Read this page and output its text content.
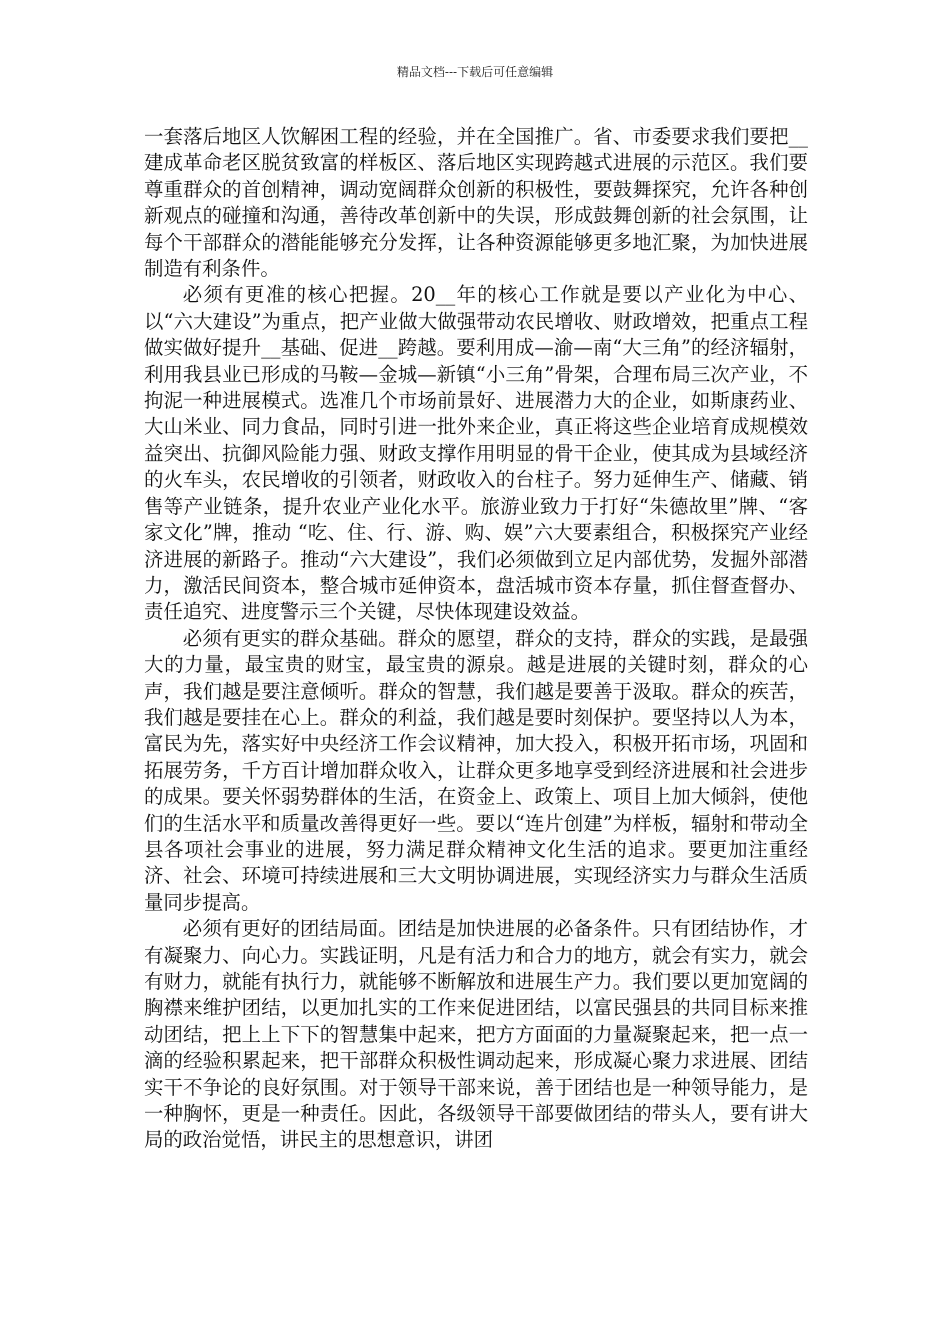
精品文档---下载后可任意编辑

一套落后地区人饮解困工程的经验，并在全国推广。省、市委要求我们要把__建成革命老区脱贫致富的样板区、落后地区实现跨越式进展的示范区。我们要尊重群众的首创精神，调动宽阔群众创新的积极性，要鼓舞探究，允许各种创新观点的碰撞和沟通，善待改革创新中的失误，形成鼓舞创新的社会氛围，让每个干部群众的潜能能够充分发挥，让各种资源能够更多地汇聚，为加快进展制造有利条件。

必须有更准的核心把握。20__年的核心工作就是要以产业化为中心、以“六大建设”为重点，把产业做大做强带动农民增收、财政增效，把重点工程做实做好提升__基础、促进__跨越。要利用成—渝—南“大三角”的经济辐射，利用我县业已形成的马鞍—金城—新镇“小三角”骨架，合理布局三次产业，不拘泥一种进展模式。选准几个市场前景好、进展潜力大的企业，如斯康药业、大山米业、同力食品，同时引进一批外来企业，真正将这些企业培育成规模效益突出、抗御风险能力强、财政支撑作用明显的骨干企业，使其成为县域经济的火车头，农民增收的引领者，财政收入的台柱子。努力延伸生产、储藏、销售等产业链条，提升农业产业化水平。旅游业致力于打好“朱德故里”牌、“客家文化”牌，推动 “吃、住、行、游、购、娱”六大要素组合，积极探究产业经济进展的新路子。推动“六大建设”，我们必须做到立足内部优势，发掘外部潜力，激活民间资本，整合城市延伸资本，盘活城市资本存量，抓住督查督办、责任追究、进度警示三个关键，尽快体现建设效益。

必须有更实的群众基础。群众的愿望，群众的支持，群众的实践，是最强大的力量，最宝贵的财宝，最宝贵的源泉。越是进展的关键时刻，群众的心声，我们越是要注意倾听。群众的智慧，我们越是要善于汲取。群众的疾苦，我们越是要挂在心上。群众的利益，我们越是要时刻保护。要坚持以人为本，富民为先，落实好中央经济工作会议精神，加大投入，积极开拓市场，巩固和拓展劳务，千方百计增加群众收入，让群众更多地享受到经济进展和社会进步的成果。要关怀弱势群体的生活，在资金上、政策上、项目上加大倾斜，使他们的生活水平和质量改善得更好一些。要以“连片创建”为样板，辐射和带动全县各项社会事业的进展，努力满足群众精神文化生活的追求。要更加注重经济、社会、环境可持续进展和三大文明协调进展，实现经济实力与群众生活质量同步提高。

必须有更好的团结局面。团结是加快进展的必备条件。只有团结协作，才有凝聚力、向心力。实践证明，凡是有活力和合力的地方，就会有实力，就会有财力，就能有执行力，就能够不断解放和进展生产力。我们要以更加宽阔的胸襟来维护团结，以更加扎实的工作来促进团结，以富民强县的共同目标来推动团结，把上上下下的智慧集中起来，把方方面面的力量凝聚起来，把一点一滴的经验积累起来，把干部群众积极性调动起来，形成凝心聚力求进展、团结实干不争论的良好氛围。对于领导干部来说，善于团结也是一种领导能力，是一种胸怀，更是一种责任。因此，各级领导干部要做团结的带头人，要有讲大局的政治觉悟，讲民主的思想意识，讲团
